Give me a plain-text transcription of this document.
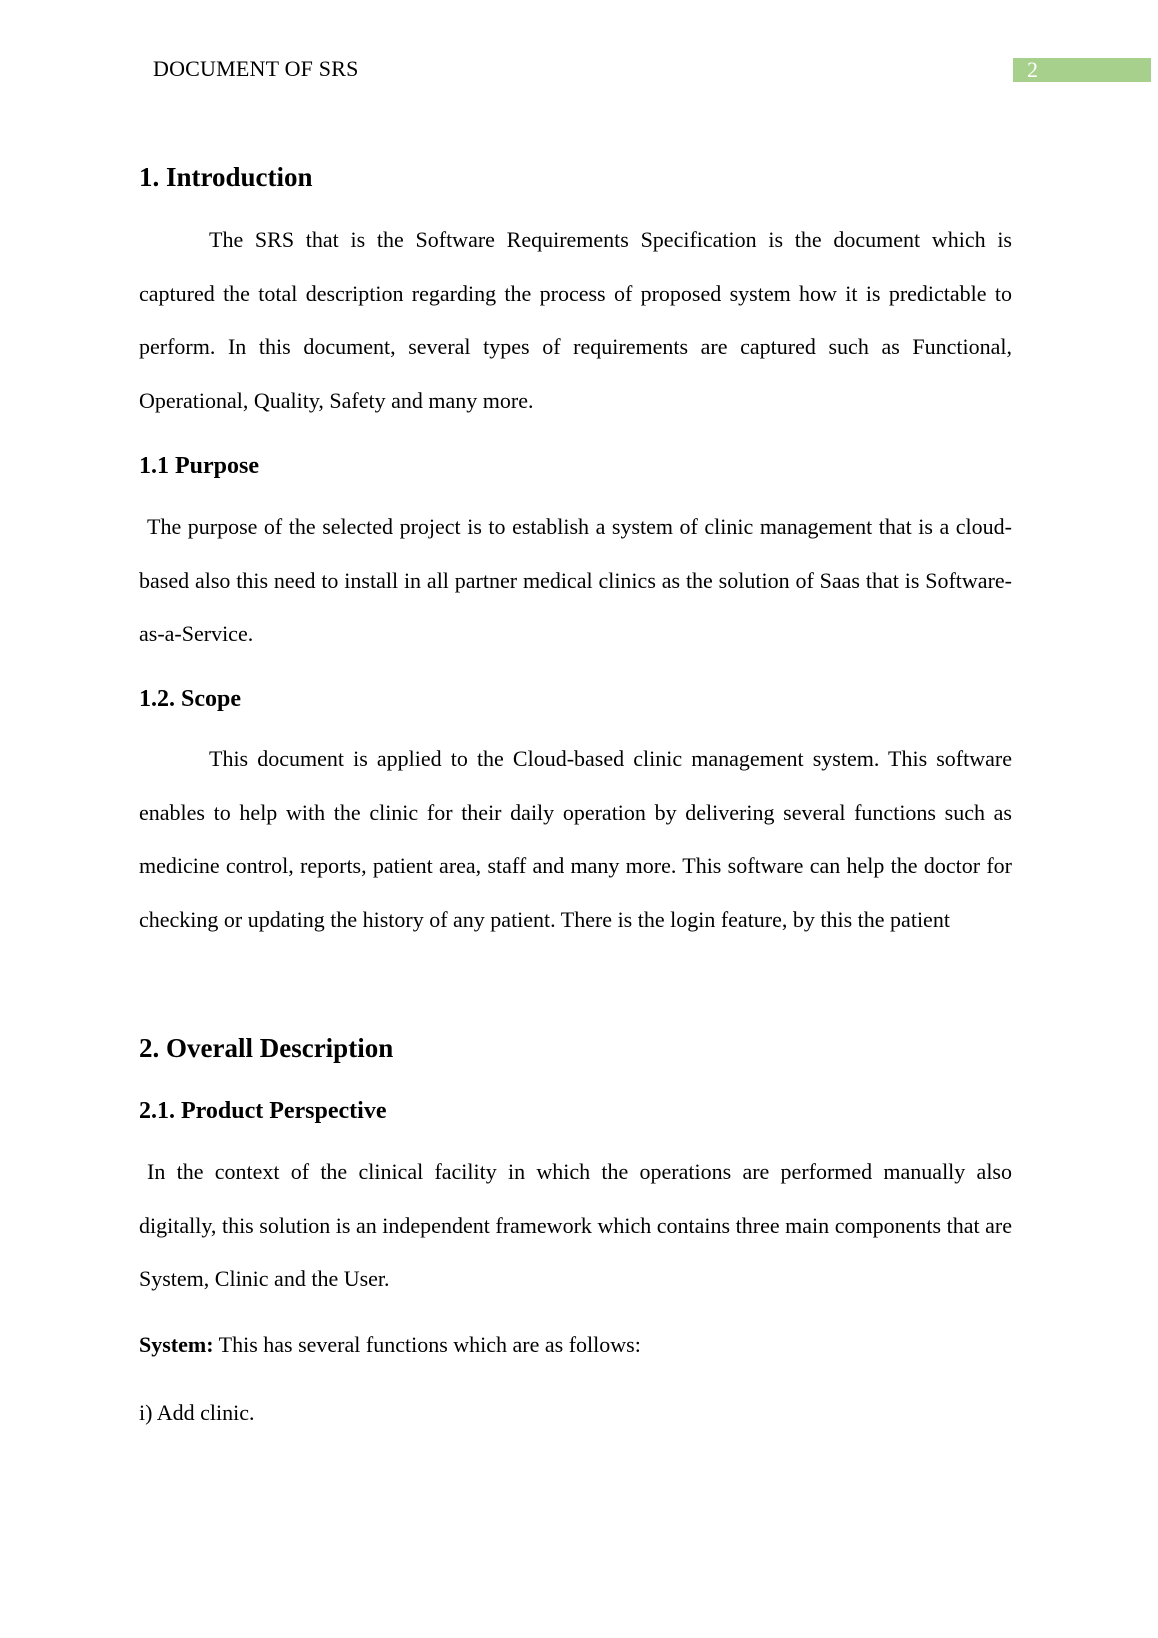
DOCUMENT OF SRS	2
1. Introduction

The SRS that is the Software Requirements Specification is the document which is captured the total description regarding the process of proposed system how it is predictable to perform. In this document, several types of requirements are captured such as Functional, Operational, Quality, Safety and many more.

1.1 Purpose

The purpose of the selected project is to establish a system of clinic management that is a cloud-based also this need to install in all partner medical clinics as the solution of Saas that is Software-as-a-Service.

1.2. Scope

This document is applied to the Cloud-based clinic management system. This software enables to help with the clinic for their daily operation by delivering several functions such as medicine control, reports, patient area, staff and many more. This software can help the doctor for checking or updating the history of any patient. There is the login feature, by this the patient

2. Overall Description
2.1. Product Perspective

In the context of the clinical facility in which the operations are performed manually also digitally, this solution is an independent framework which contains three main components that are System, Clinic and the User.

System: This has several functions which are as follows:

i) Add clinic.
